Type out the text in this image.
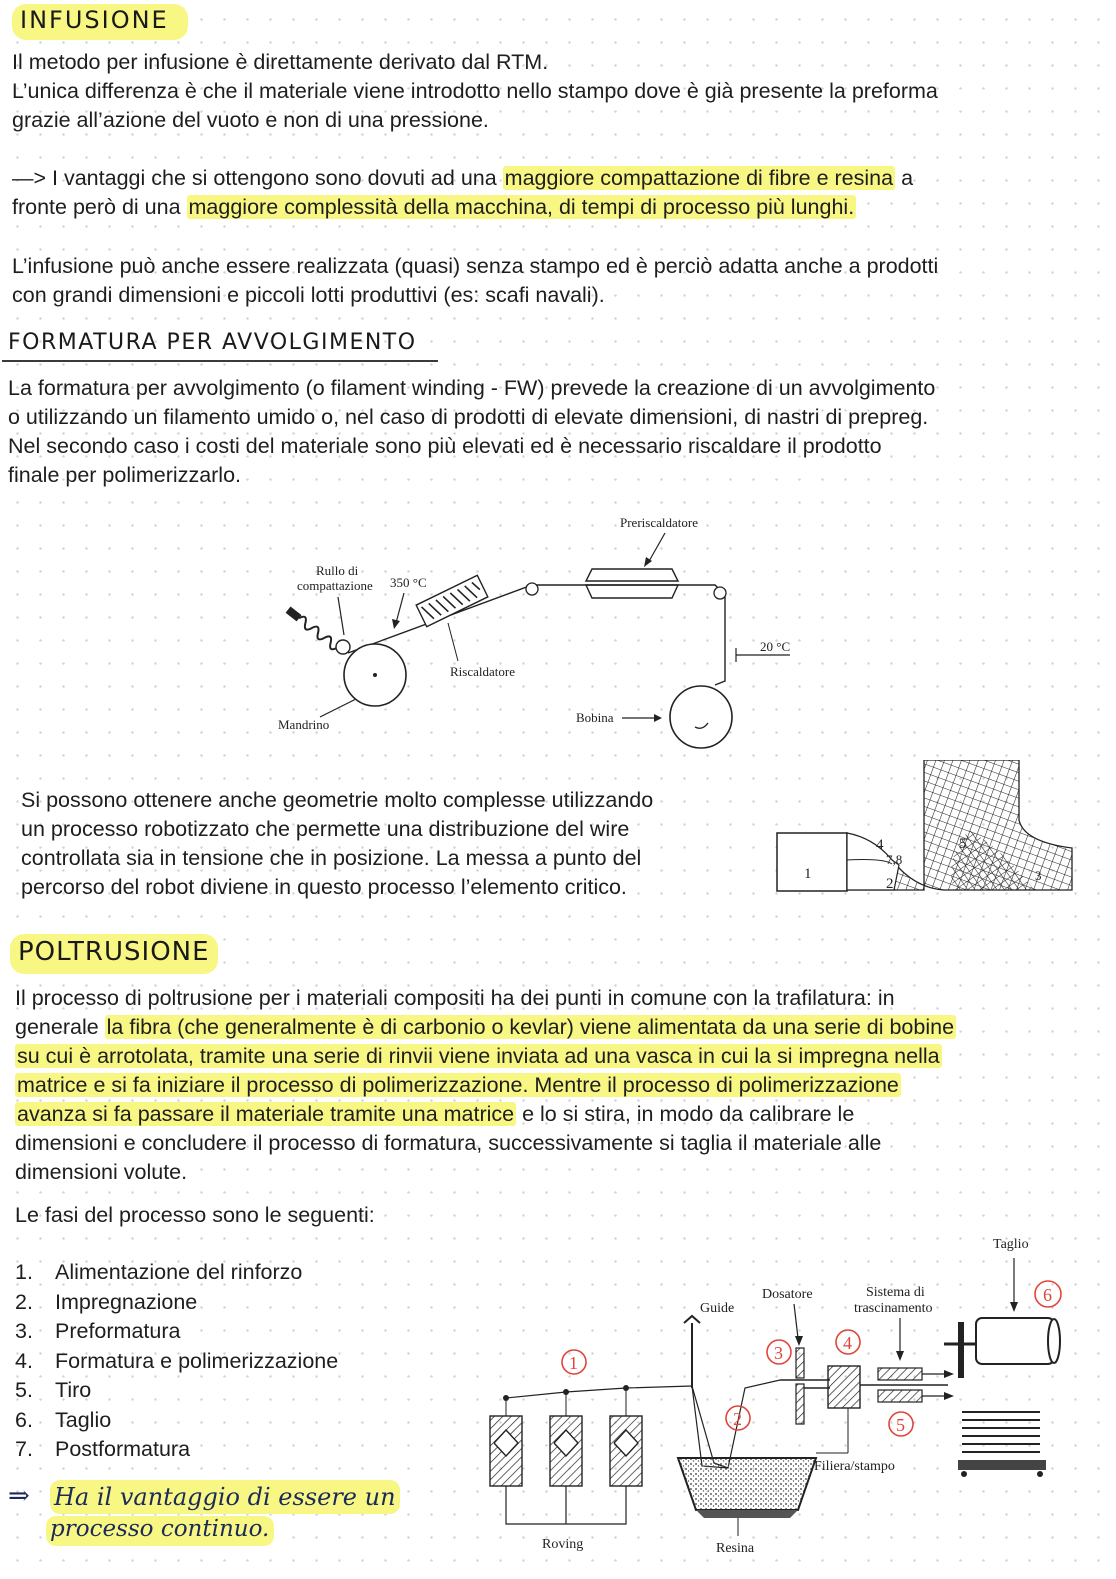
INFUSIONE

Il metodo per infusione è direttamente derivato dal RTM.

L’unica differenza è che il materiale viene introdotto nello stampo dove è già presente la preforma

grazie all’azione del vuoto e non di una pressione.

—> I vantaggi che si ottengono sono dovuti ad una maggiore compattazione di fibre e resina a

fronte però di una maggiore complessità della macchina, di tempi di processo più lunghi.

L’infusione può anche essere realizzata (quasi) senza stampo ed è perciò adatta anche a prodotti

con grandi dimensioni e piccoli lotti produttivi (es: scafi navali).

FORMATURA PER AVVOLGIMENTO

La formatura per avvolgimento (o filament winding - FW) prevede la creazione di un avvolgimento

o utilizzando un filamento umido o, nel caso di prodotti di elevate dimensioni, di nastri di prepreg.

Nel secondo caso i costi del materiale sono più elevati ed è necessario riscaldare il prodotto

finale per polimerizzarlo.

Preriscaldatore
20 °C
Bobina
Riscaldatore
350 °C
Rullo di
compattazione
Mandrino

Si possono ottenere anche geometrie molto complesse utilizzando

un processo robotizzato che permette una distribuzione del wire

controllata sia in tensione che in posizione. La messa a punto del

percorso del robot diviene in questo processo l’elemento critico.

1
2
4	5
7,8
3
POLTRUSIONE

Il processo di poltrusione per i materiali compositi ha dei punti in comune con la trafilatura: in

generale la fibra (che generalmente è di carbonio o kevlar) viene alimentata da una serie di bobine

su cui è arrotolata, tramite una serie di rinvii viene inviata ad una vasca in cui la si impregna nella

matrice e si fa iniziare il processo di polimerizzazione. Mentre il processo di polimerizzazione

avanza si fa passare il materiale tramite una matrice e lo si stira, in modo da calibrare le

dimensioni e concludere il processo di formatura, successivamente si taglia il materiale alle

dimensioni volute.

Le fasi del processo sono le seguenti:

1. Alimentazione del rinforzo
2. Impregnazione
3. Preformatura
4. Formatura e polimerizzazione
5. Tiro
6. Taglio
7. Postformatura
⇒ Ha il vantaggio di essere un
processo continuo.
Roving
Guide
Resina
Dosatore
Filiera/stampo
Sistema di
trascinamento
Taglio
1
2
3	4
5
6
